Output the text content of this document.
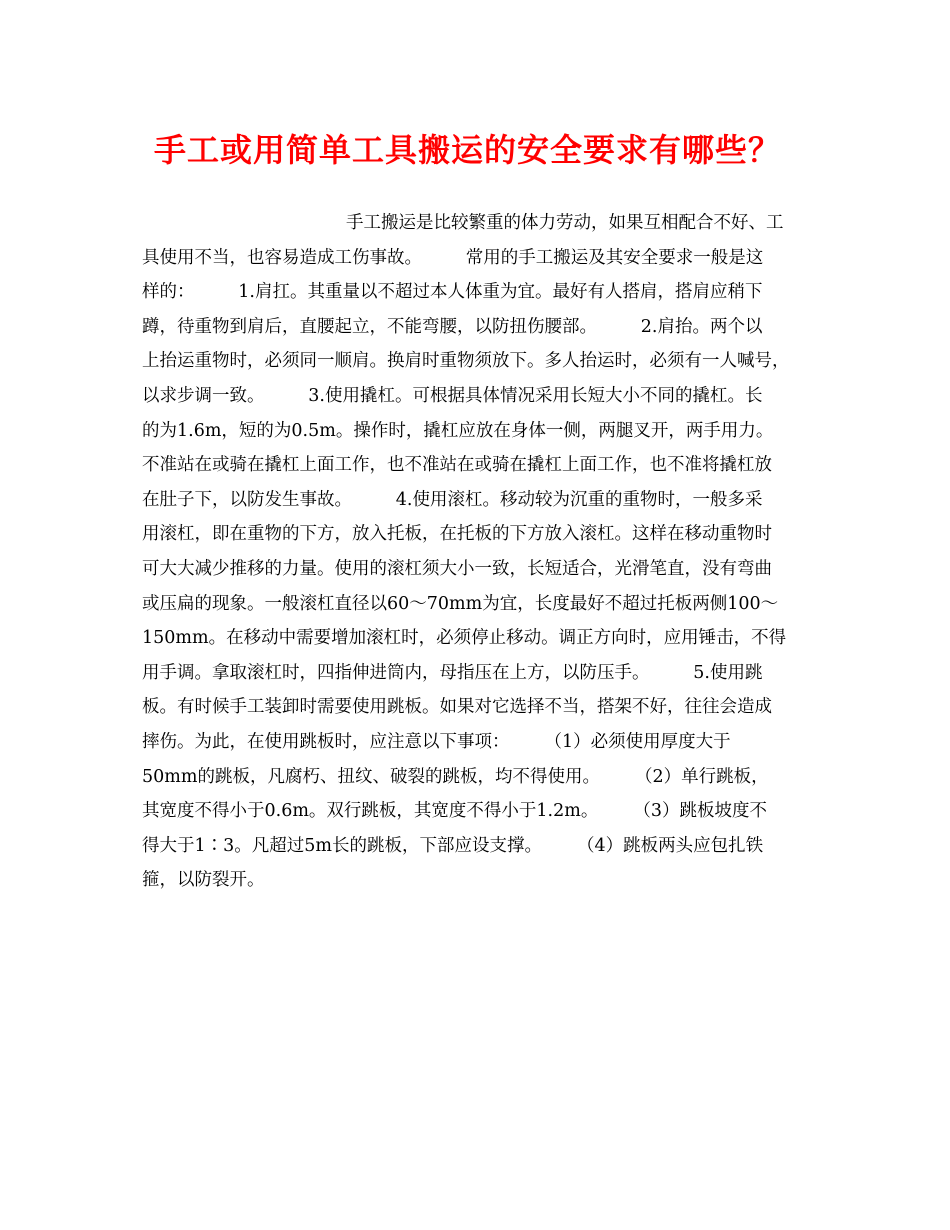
手工或用简单工具搬运的安全要求有哪些？
手工搬运是比较繁重的体力劳动，如果互相配合不好、工
具使用不当，也容易造成工伤事故。　　　常用的手工搬运及其安全要求一般是这
样的：　　　1.肩扛。其重量以不超过本人体重为宜。最好有人搭肩，搭肩应稍下
蹲，待重物到肩后，直腰起立，不能弯腰，以防扭伤腰部。　　　2.肩抬。两个以
上抬运重物时，必须同一顺肩。换肩时重物须放下。多人抬运时，必须有一人喊号，
以求步调一致。　　　3.使用撬杠。可根据具体情况采用长短大小不同的撬杠。长
的为1.6m，短的为0.5m。操作时，撬杠应放在身体一侧，两腿叉开，两手用力。
不准站在或骑在撬杠上面工作，也不准站在或骑在撬杠上面工作，也不准将撬杠放
在肚子下，以防发生事故。　　　4.使用滚杠。移动较为沉重的重物时，一般多采
用滚杠，即在重物的下方，放入托板，在托板的下方放入滚杠。这样在移动重物时
可大大减少推移的力量。使用的滚杠须大小一致，长短适合，光滑笔直，没有弯曲
或压扁的现象。一般滚杠直径以60～70mm为宜，长度最好不超过托板两侧100～
150mm。在移动中需要增加滚杠时，必须停止移动。调正方向时，应用锤击，不得
用手调。拿取滚杠时，四指伸进筒内，母指压在上方，以防压手。　　　5.使用跳
板。有时候手工装卸时需要使用跳板。如果对它选择不当，搭架不好，往往会造成
摔伤。为此，在使用跳板时，应注意以下事项：　　　（1）必须使用厚度大于
50mm的跳板，凡腐朽、扭纹、破裂的跳板，均不得使用。　　　（2）单行跳板，
其宽度不得小于0.6m。双行跳板，其宽度不得小于1.2m。　　　（3）跳板坡度不
得大于1∶3。凡超过5m长的跳板，下部应设支撑。　　　（4）跳板两头应包扎铁
箍，以防裂开。
